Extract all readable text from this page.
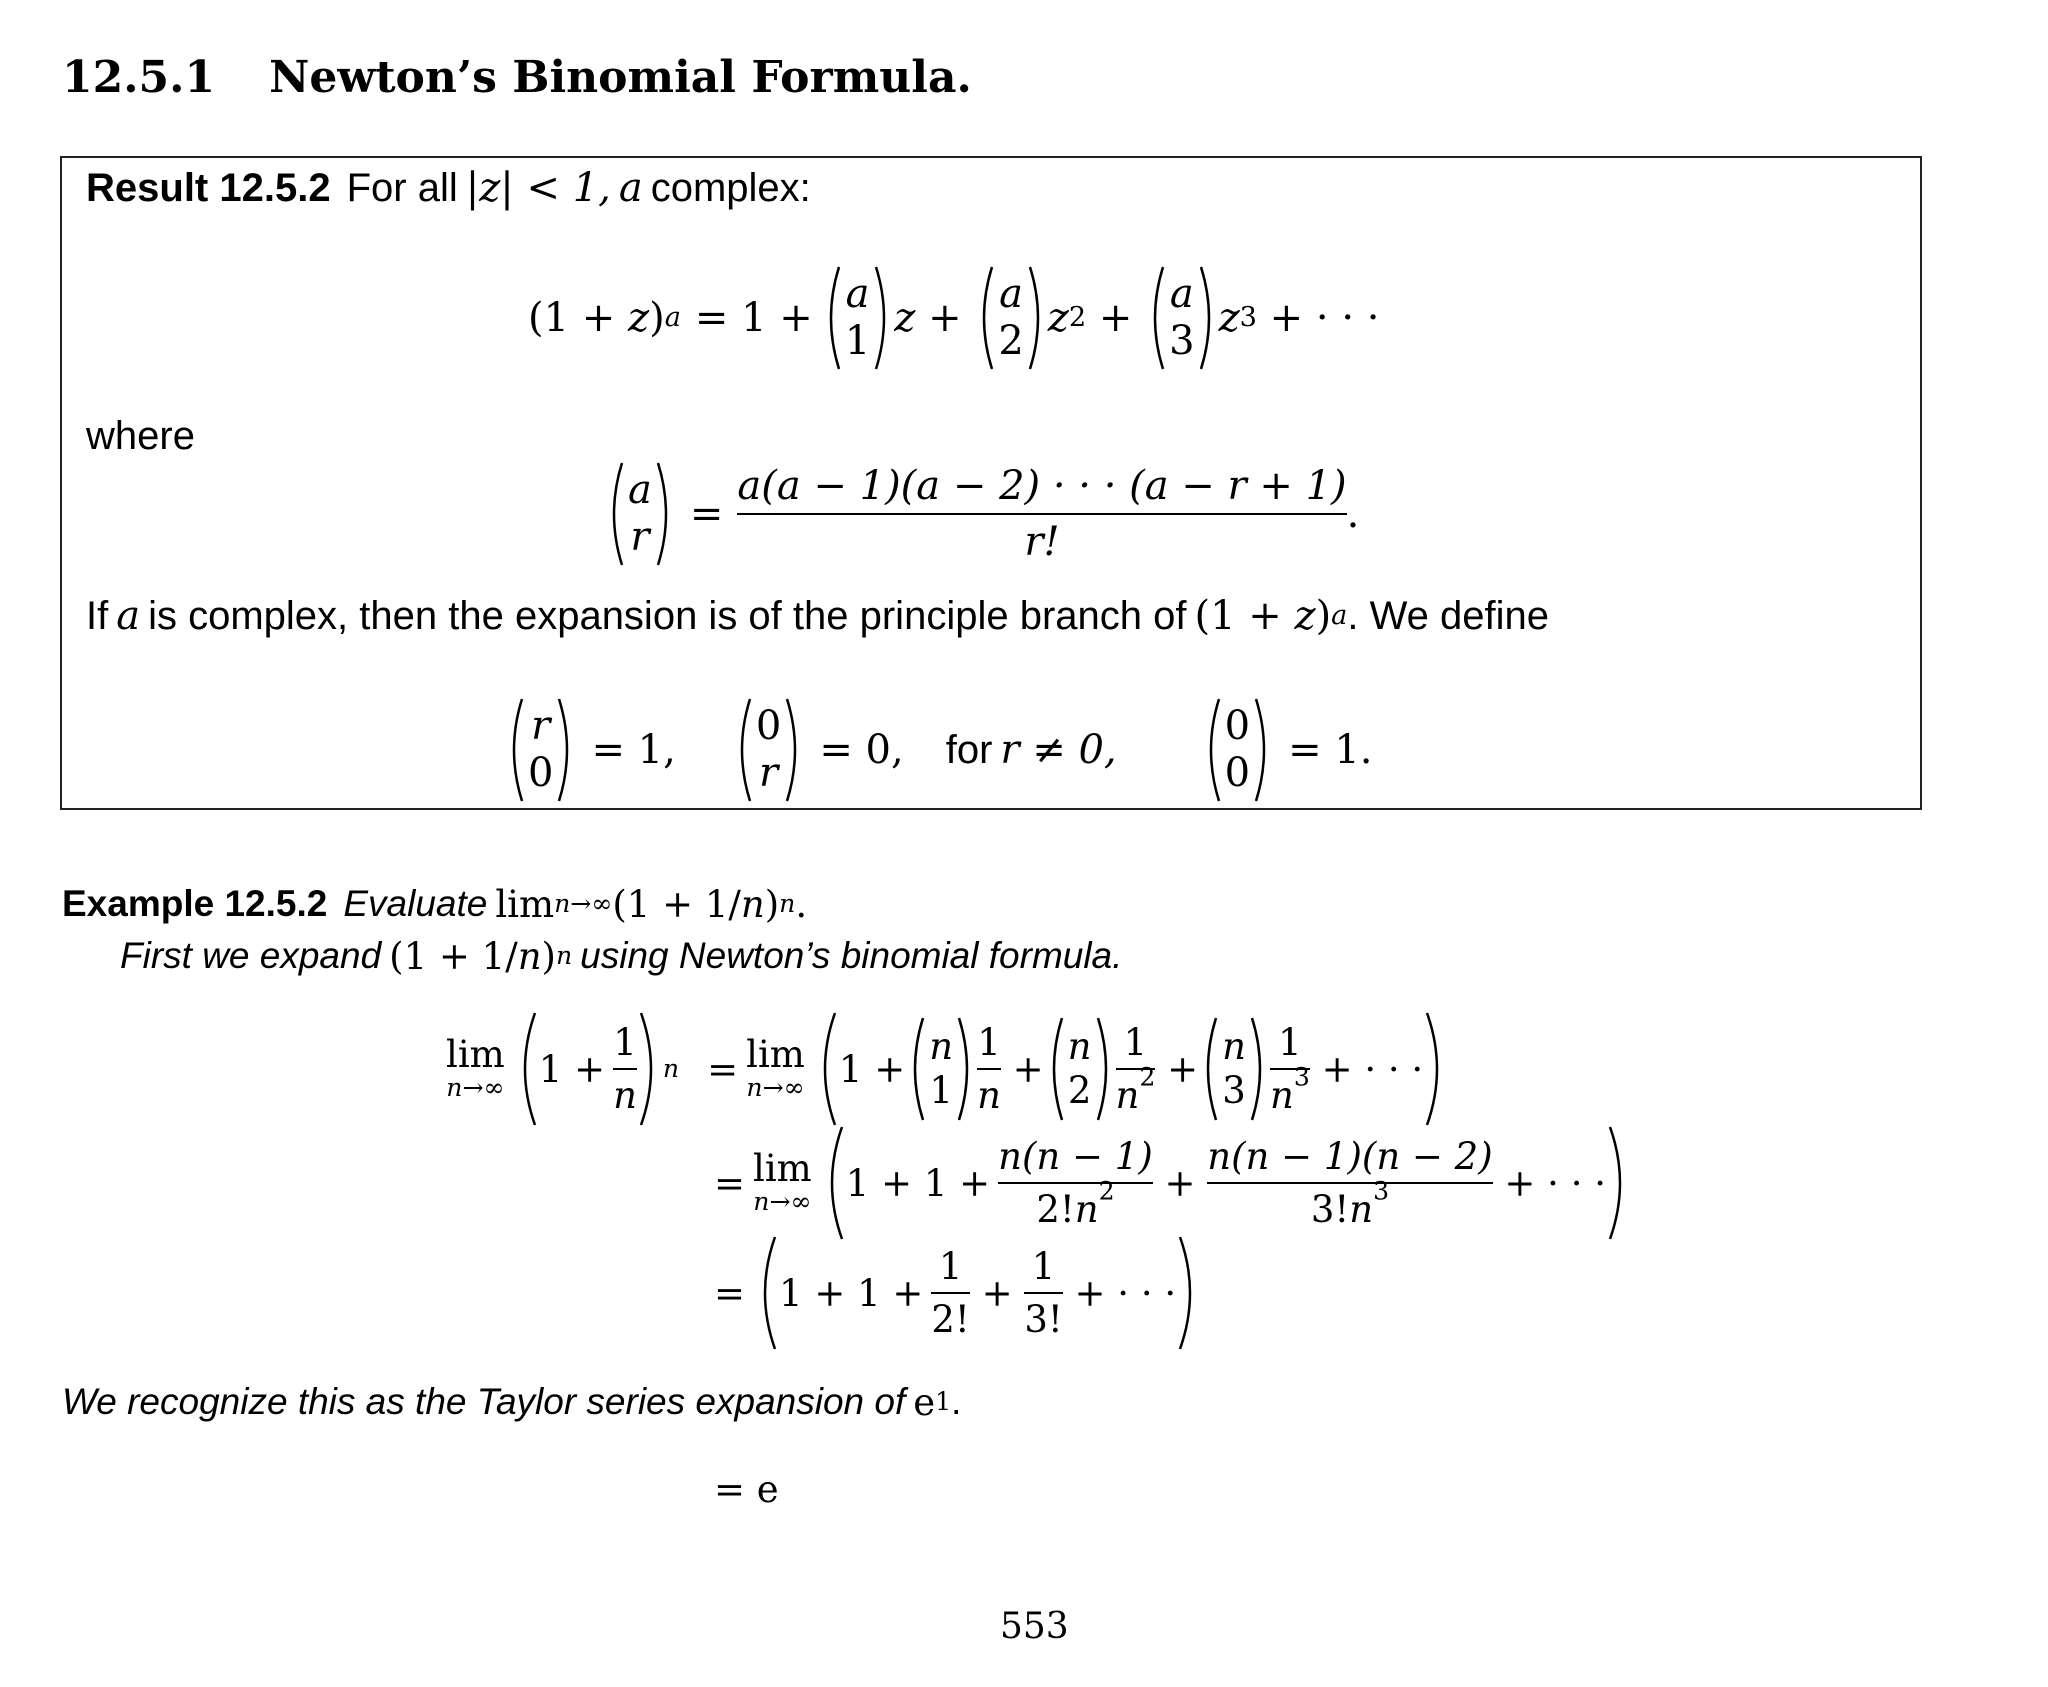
12.5.1 Newton’s Binomial Formula.
Result 12.5.2 For all |z| < 1, a complex:
(1 + z ) a = 1 +
a
1 z +
a
2 z 2 +
a
3 z 3 + · · ·
where
a
$r = \frac{a(a - 1)(a - 2) \cdot \cdot \cdot (a - r + 1)}{r!}$ .
If a is complex, then the expansion is of the principle branch of (1 + z ) a . We define
r
0 = 1,
0
r = 0, for r ≠ 0,
0
0 = 1.
Example 12.5.2 Evaluate lim n→∞ (1 + 1/ n ) n .
First we expand (1 + 1/ n ) n using Newton’s binomial formula.
lim
n→∞ $1 + \frac{1}{n}$ n = lim
n→∞ 1 +
n
$1 \frac{1}{n}$ +
n
$2 \frac{1}{n^2}$ +
n
$3 \frac{1}{n^3}$ + · · ·
= lim
n→∞ $1 + 1 + \frac{n(n - 1)}{2!n^2} + \frac{n(n - 1)(n - 2)}{3!n^3}$ + · · ·
= $1 + 1 + \frac{1}{2!} + \frac{1}{3!}$ + · · ·
We recognize this as the Taylor series expansion of e 1 .
= e
553
